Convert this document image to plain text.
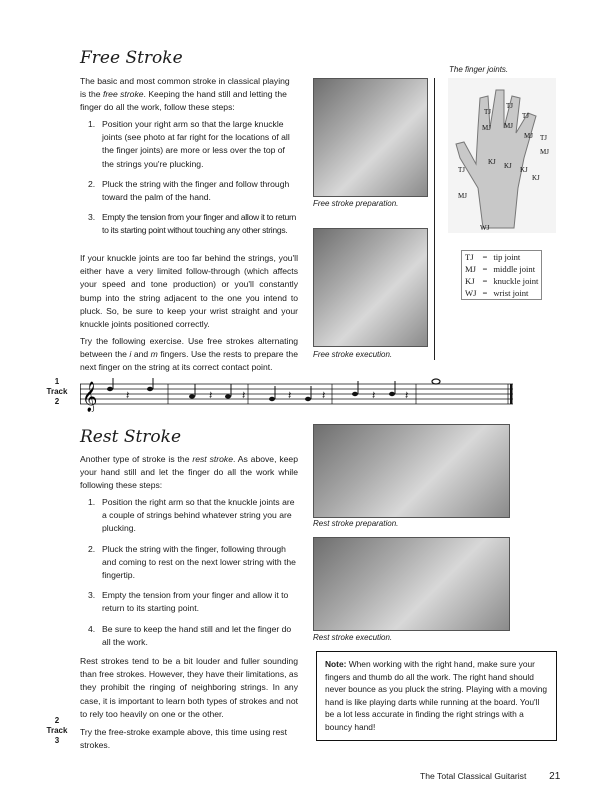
Free Stroke
The basic and most common stroke in classical playing is the free stroke. Keeping the hand still and letting the finger do all the work, follow these steps:
1. Position your right arm so that the large knuckle joints (see photo at far right for the locations of all the finger joints) are more or less over the top of the strings you're plucking.
2. Pluck the string with the finger and follow through toward the palm of the hand.
3. Empty the tension from your finger and allow it to return to its starting point without touching any other strings.
If your knuckle joints are too far behind the strings, you'll either have a very limited follow-through (which affects your speed and tone production) or you'll constantly bump into the string adjacent to the one you intend to pluck. So, be sure to keep your wrist straight and your knuckle joints positioned correctly.
Try the following exercise. Use free strokes alternating between the i and m fingers. Use the rests to prepare the next finger on the string at its correct contact point.
Free stroke preparation.
Free stroke execution.
The finger joints.
TJ
TJ
TJ
TJ
MJ MJ
MJ
MJ
TJ
KJ KJ KJ
KJ
MJ
WJ
TJ	=	tip joint
MJ	=	middle joint
KJ	=	knuckle joint
WJ	=	wrist joint
1
Track
2 𝄞	𝄽	𝄽	𝄽	𝄽	𝄽	𝄽	𝄽
Rest Stroke
Another type of stroke is the rest stroke. As above, keep your hand still and let the finger do all the work while following these steps:
1. Position the right arm so that the knuckle joints are a couple of strings behind whatever string you are plucking.
2. Pluck the string with the finger, following through and coming to rest on the next lower string with the fingertip.
3. Empty the tension from your finger and allow it to return to its starting point.
4. Be sure to keep the hand still and let the finger do all the work.
Rest strokes tend to be a bit louder and fuller sounding than free strokes. However, they have their limitations, as they prohibit the ringing of neighboring strings. In any case, it is important to learn both types of strokes and not to rely too heavily on one or the other.
Try the free-stroke example above, this time using rest strokes.
Rest stroke preparation.
Rest stroke execution.
Note: When working with the right hand, make sure your fingers and thumb do all the work. The right hand should never bounce as you pluck the string. Playing with a moving hand is like playing darts while running at the board. You'll be a lot less accurate in finding the right strings with a bouncy hand!
2
Track
3
The Total Classical Guitarist 21
